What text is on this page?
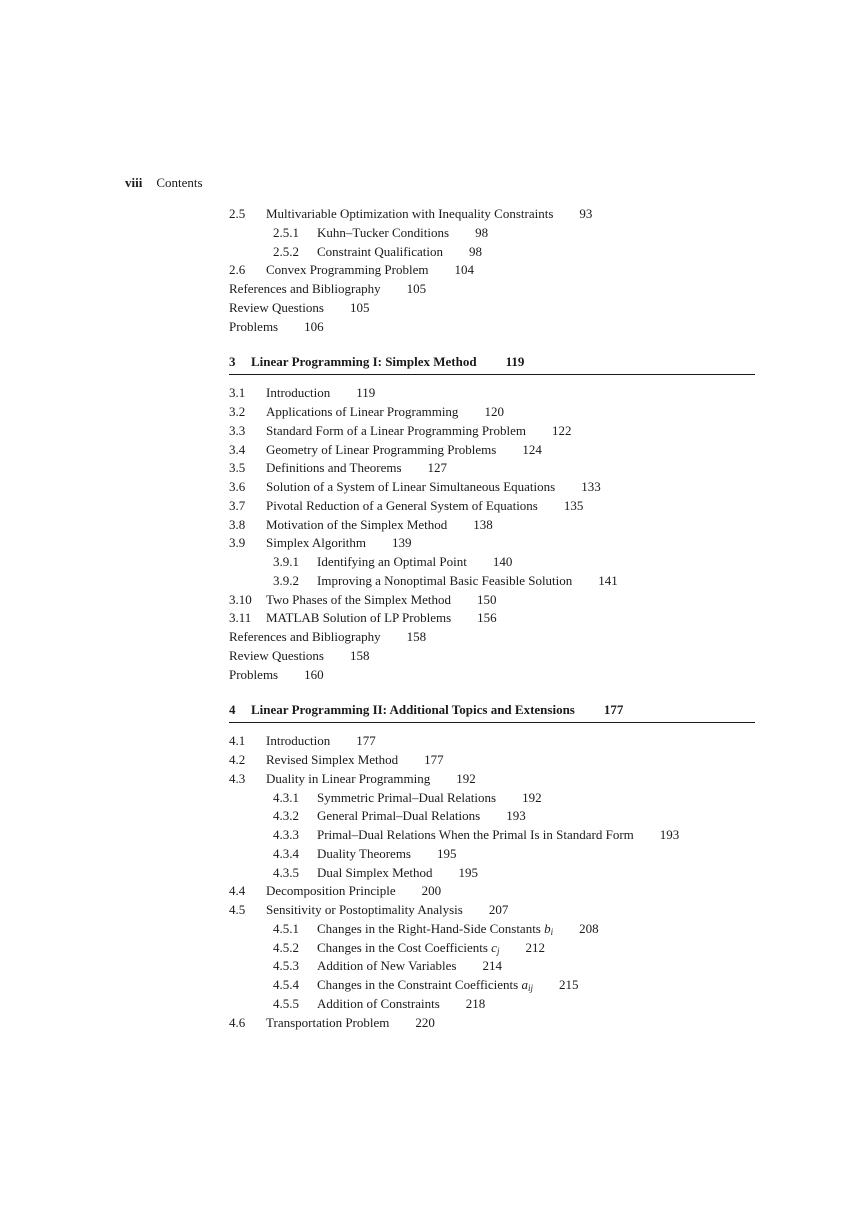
viii Contents
2.5 Multivariable Optimization with Inequality Constraints 93
2.5.1 Kuhn–Tucker Conditions 98
2.5.2 Constraint Qualification 98
2.6 Convex Programming Problem 104
References and Bibliography 105
Review Questions 105
Problems 106
3 Linear Programming I: Simplex Method 119
3.1 Introduction 119
3.2 Applications of Linear Programming 120
3.3 Standard Form of a Linear Programming Problem 122
3.4 Geometry of Linear Programming Problems 124
3.5 Definitions and Theorems 127
3.6 Solution of a System of Linear Simultaneous Equations 133
3.7 Pivotal Reduction of a General System of Equations 135
3.8 Motivation of the Simplex Method 138
3.9 Simplex Algorithm 139
3.9.1 Identifying an Optimal Point 140
3.9.2 Improving a Nonoptimal Basic Feasible Solution 141
3.10 Two Phases of the Simplex Method 150
3.11 MATLAB Solution of LP Problems 156
References and Bibliography 158
Review Questions 158
Problems 160
4 Linear Programming II: Additional Topics and Extensions 177
4.1 Introduction 177
4.2 Revised Simplex Method 177
4.3 Duality in Linear Programming 192
4.3.1 Symmetric Primal–Dual Relations 192
4.3.2 General Primal–Dual Relations 193
4.3.3 Primal–Dual Relations When the Primal Is in Standard Form 193
4.3.4 Duality Theorems 195
4.3.5 Dual Simplex Method 195
4.4 Decomposition Principle 200
4.5 Sensitivity or Postoptimality Analysis 207
4.5.1 Changes in the Right-Hand-Side Constants $b_i$ 208
4.5.2 Changes in the Cost Coefficients $c_j$ 212
4.5.3 Addition of New Variables 214
4.5.4 Changes in the Constraint Coefficients $a_{ij}$ 215
4.5.5 Addition of Constraints 218
4.6 Transportation Problem 220
